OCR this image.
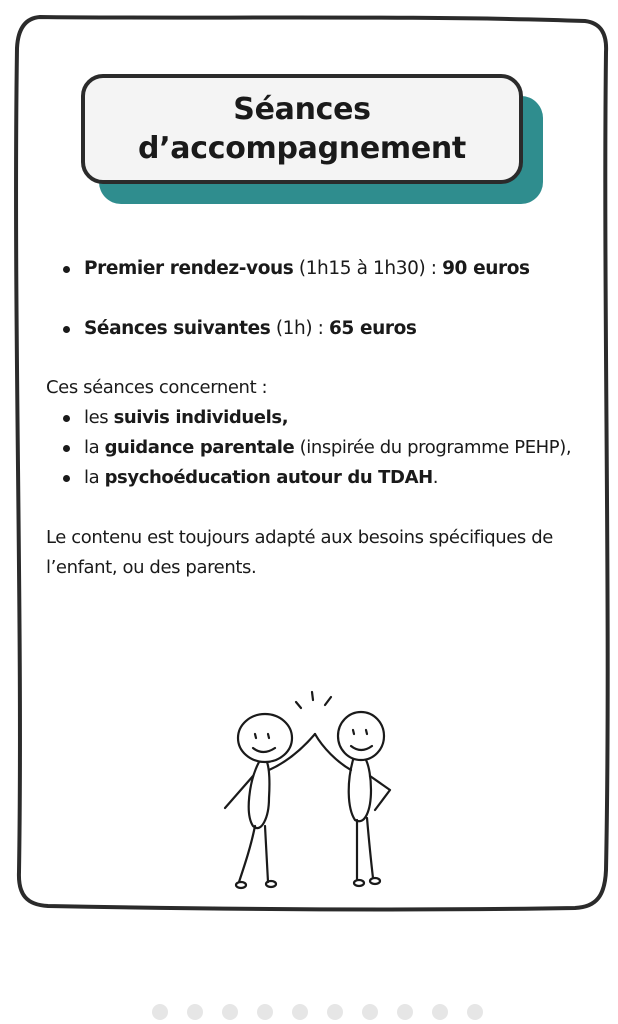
Séances
d’accompagnement
Premier rendez-vous (1h15 à 1h30) : 90 euros
Séances suivantes (1h) : 65 euros
Ces séances concernent :
les suivis individuels,
la guidance parentale (inspirée du programme PEHP),
la psychoéducation autour du TDAH.
Le contenu est toujours adapté aux besoins spécifiques de l’enfant, ou des parents.
